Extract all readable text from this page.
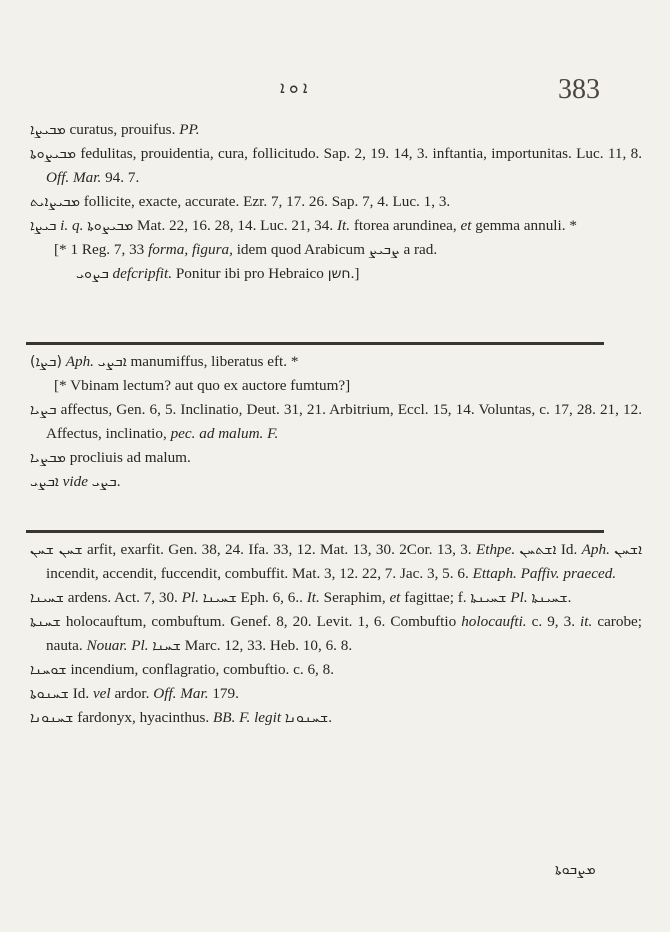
ܐ ܘ ܐ	383

ܡܒܝܨܐ curatus, prouifus. PP.

ܡܒܝܨܘܬܐ fedulitas, prouidentia, cura, follicitudo. Sap. 2, 19. 14, 3. inftantia, importunitas. Luc. 11, 8. Off. Mar. 94. 7.

ܡܒܝܨܐܝܬ follicite, exacte, accurate. Ezr. 7, 17. 26. Sap. 7, 4. Luc. 1, 3.

ܒܝܨܐ i. q. ܡܒܝܨܘܬܐ Mat. 22, 16. 28, 14. Luc. 21, 34. It. ftorea arundinea, et gemma annuli. *

[* 1 Reg. 7, 33 forma, figura, idem quod Arabicum ܨܒܝܨ a rad.

ܒܨܘܝ defcripfit. Ponitur ibi pro Hebraico חשן.]

(ܒܨܐ) Aph. ܐܒܨܝ manumiffus, liberatus eft. *

[* Vbinam lectum? aut quo ex auctore fumtum?]

ܒܨܝܐ affectus, Gen. 6, 5. Inclinatio, Deut. 31, 21. Arbitrium, Eccl. 15, 14. Voluntas, c. 17, 28. 21, 12. Affectus, inclinatio, pec. ad malum. F.

ܡܒܨܝܐ procliuis ad malum.

ܐܒܨܝ vide ܒܨܝ.

ܫܚܢ ܫܚܢ arfit, exarfit. Gen. 38, 24. Ifa. 33, 12. Mat. 13, 30. 2Cor. 13, 3. Ethpe. ܐܫܬܚܢ Id. Aph. ܐܫܚܢ incendit, accendit, fuccendit, combuffit. Mat. 3, 12. 22, 7. Jac. 3, 5. 6. Ettaph. Paffiv. praeced.

ܫܚܝܢܐ ardens. Act. 7, 30. Pl. ܫܚܝܢܐ Eph. 6, 6.. It. Seraphim, et fagittae; f. ܫܚܝܢܬܐ Pl. ܫܚܝܢܬܐ.

ܫܚܢܬܐ holocauftum, combuftum. Genef. 8, 20. Levit. 1, 6. Combuftio holocaufti. c. 9, 3. it. carobe; nauta. Nouar. Pl. ܫܚܢܐ Marc. 12, 33. Heb. 10, 6. 8.

ܫܘܚܢܐ incendium, conflagratio, combuftio. c. 6, 8.

ܫܚܢܘܬܐ Id. vel ardor. Off. Mar. 179.

ܫܚܢܘܢܐ fardonyx, hyacinthus. BB. F. legit ܫܚܢܘܢܐ.

ܡܨܒܘܬܐ
